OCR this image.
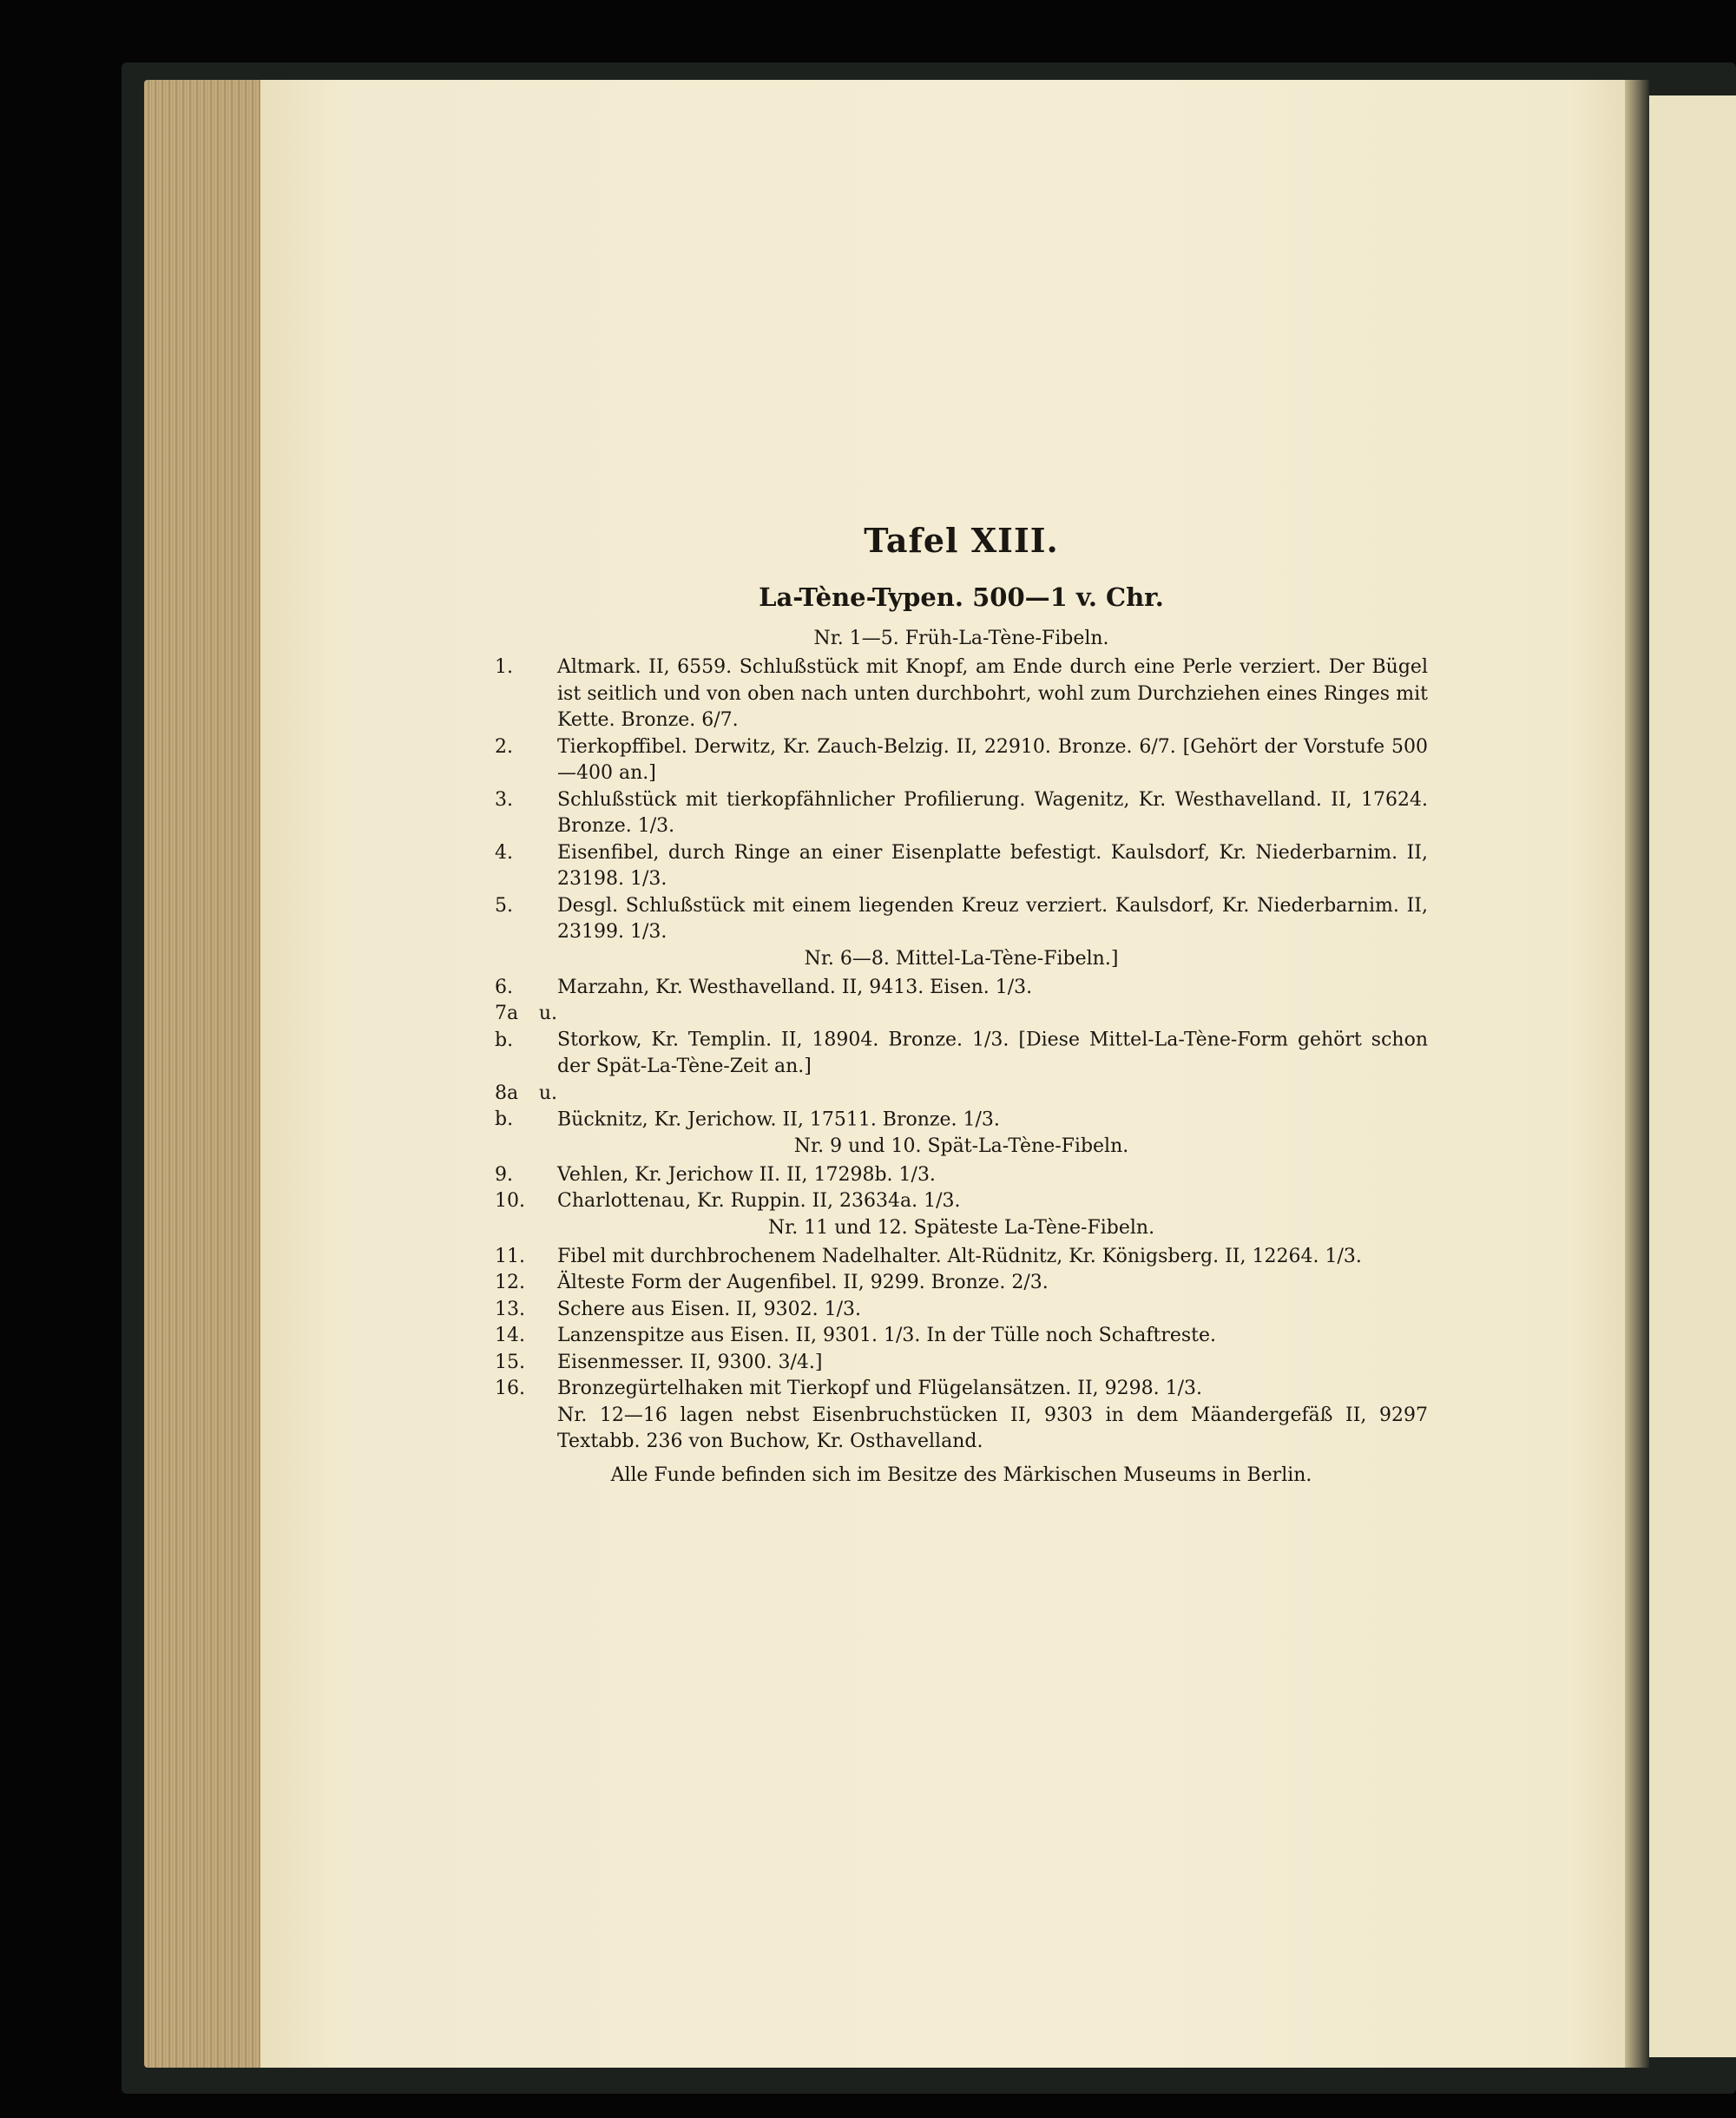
Tafel XIII.
La-Tène-Typen. 500—1 v. Chr.
Nr. 1—5. Früh-La-Tène-Fibeln.

1. Altmark. II, 6559. Schlußstück mit Knopf, am Ende durch eine Perle verziert. Der Bügel ist seitlich und von oben nach unten durchbohrt, wohl zum Durchziehen eines Ringes mit Kette. Bronze. 6/7.

2. Tierkopffibel. Derwitz, Kr. Zauch-Belzig. II, 22910. Bronze. 6/7. [Gehört der Vorstufe 500—400 an.]

3. Schlußstück mit tierkopfähnlicher Profilierung. Wagenitz, Kr. Westhavelland. II, 17624. Bronze. 1/3.

4. Eisenfibel, durch Ringe an einer Eisenplatte befestigt. Kaulsdorf, Kr. Niederbarnim. II, 23198. 1/3.

5. Desgl. Schlußstück mit einem liegenden Kreuz verziert. Kaulsdorf, Kr. Niederbarnim. II, 23199. 1/3.

Nr. 6—8. Mittel-La-Tène-Fibeln.]

6. Marzahn, Kr. Westhavelland. II, 9413. Eisen. 1/3.

7a u. b. Storkow, Kr. Templin. II, 18904. Bronze. 1/3. [Diese Mittel-La-Tène-Form gehört schon der Spät-La-Tène-Zeit an.]

8a u. b. Bücknitz, Kr. Jerichow. II, 17511. Bronze. 1/3.

Nr. 9 und 10. Spät-La-Tène-Fibeln.

9. Vehlen, Kr. Jerichow II. II, 17298b. 1/3.

10. Charlottenau, Kr. Ruppin. II, 23634a. 1/3.

Nr. 11 und 12. Späteste La-Tène-Fibeln.

11. Fibel mit durchbrochenem Nadelhalter. Alt-Rüdnitz, Kr. Königsberg. II, 12264. 1/3.

12. Älteste Form der Augenfibel. II, 9299. Bronze. 2/3.

13. Schere aus Eisen. II, 9302. 1/3.

14. Lanzenspitze aus Eisen. II, 9301. 1/3. In der Tülle noch Schaftreste.

15. Eisenmesser. II, 9300. 3/4.]

16. Bronzegürtelhaken mit Tierkopf und Flügelansätzen. II, 9298. 1/3.

Nr. 12—16 lagen nebst Eisenbruchstücken II, 9303 in dem Mäandergefäß II, 9297 Textabb. 236 von Buchow, Kr. Osthavelland.

Alle Funde befinden sich im Besitze des Märkischen Museums in Berlin.
